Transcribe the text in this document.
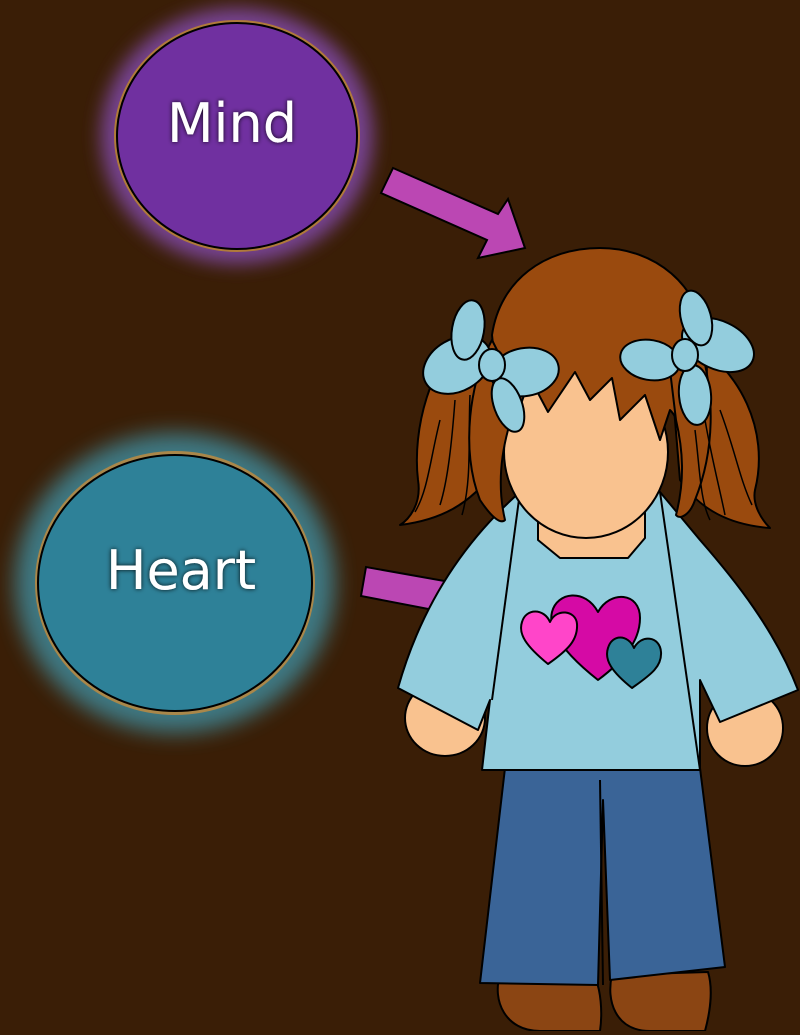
Mind
Heart
